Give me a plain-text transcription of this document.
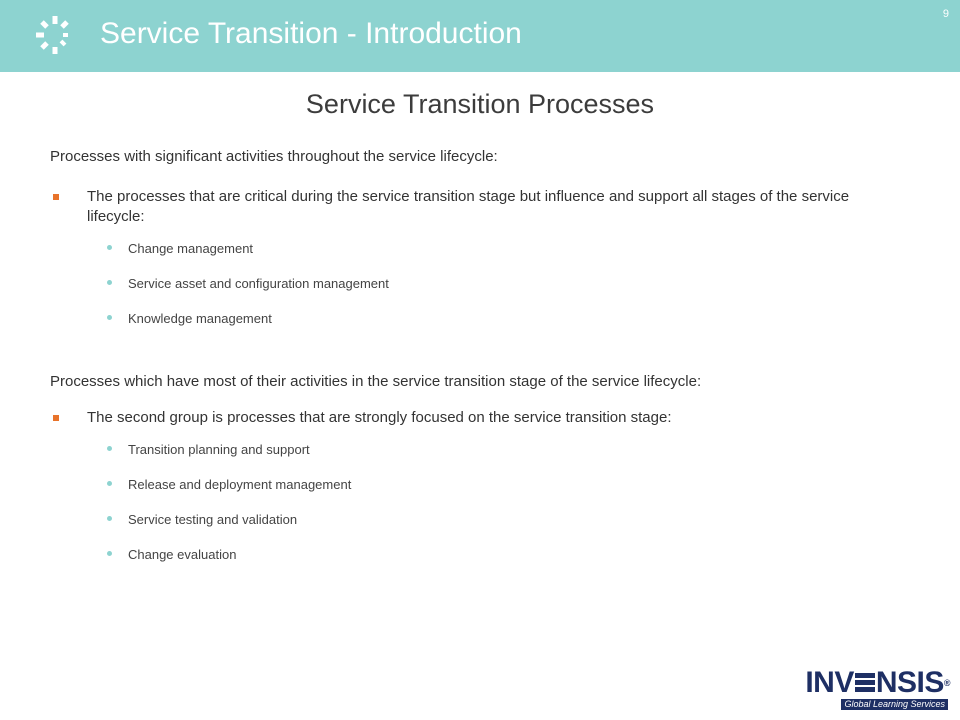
Service Transition - Introduction
9
Service Transition Processes

Processes with significant activities throughout the service lifecycle:

The processes that are critical during the service transition stage but influence and support all stages of the service lifecycle:
Change management
Service asset and configuration management
Knowledge management

Processes which have most of their activities in the service transition stage of the service lifecycle:

The second group is processes that are strongly focused on the service transition stage:
Transition planning and support
Release and deployment management
Service testing and validation
Change evaluation
INV NSIS®
Global Learning Services
